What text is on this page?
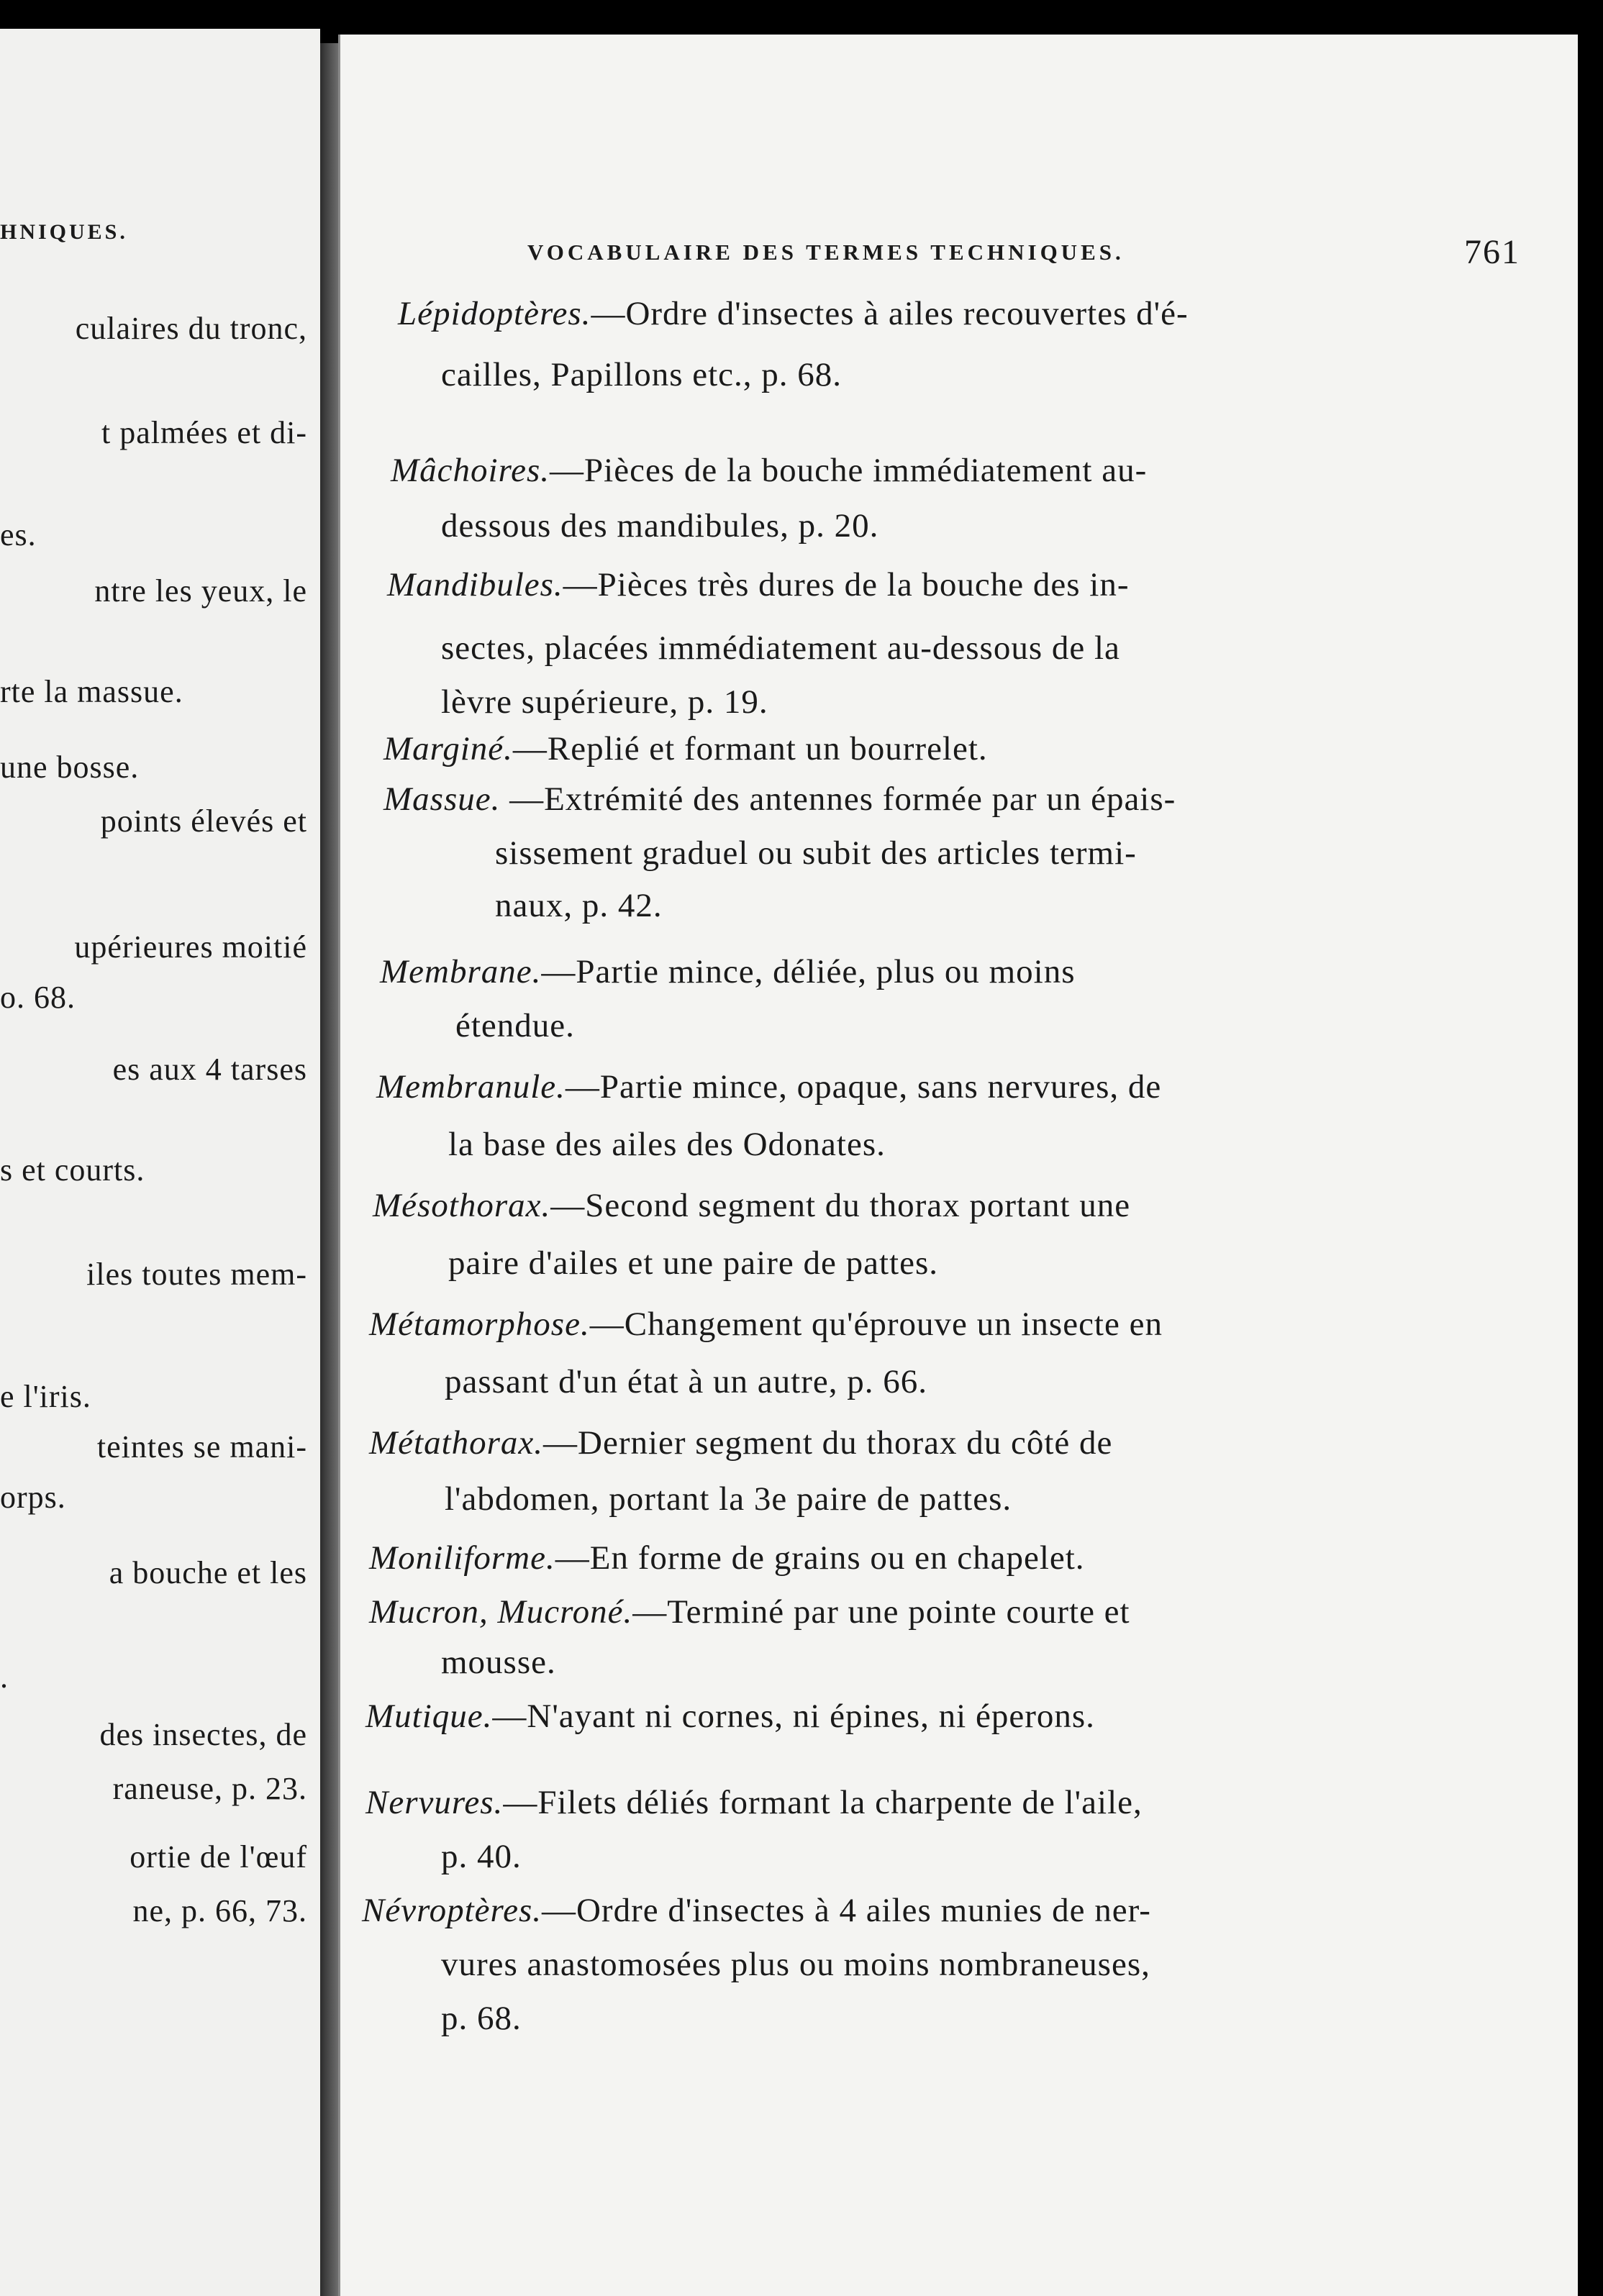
HNIQUES.
culaires du tronc,
t palmées et di-
es.
ntre les yeux, le
rte la massue.
une bosse.
points élevés et
upérieures moitié
o. 68.
es aux 4 tarses
s et courts.
iles toutes mem-
e l'iris.
teintes se mani-
orps.
a bouche et les
.
des insectes, de
raneuse, p. 23.
ortie de l'œuf
ne, p. 66, 73.
VOCABULAIRE DES TERMES TECHNIQUES.	761
Lépidoptères.—Ordre d'insectes à ailes recouvertes d'é-
cailles, Papillons etc., p. 68.
Mâchoires.—Pièces de la bouche immédiatement au-
dessous des mandibules, p. 20.
Mandibules.—Pièces très dures de la bouche des in-
sectes, placées immédiatement au-dessous de la
lèvre supérieure, p. 19.
Marginé.—Replié et formant un bourrelet.
Massue. —Extrémité des antennes formée par un épais-
sissement graduel ou subit des articles termi-
naux, p. 42.
Membrane.—Partie mince, déliée, plus ou moins
étendue.
Membranule.—Partie mince, opaque, sans nervures, de
la base des ailes des Odonates.
Mésothorax.—Second segment du thorax portant une
paire d'ailes et une paire de pattes.
Métamorphose.—Changement qu'éprouve un insecte en
passant d'un état à un autre, p. 66.
Métathorax.—Dernier segment du thorax du côté de
l'abdomen, portant la 3e paire de pattes.
Moniliforme.—En forme de grains ou en chapelet.
Mucron, Mucroné.—Terminé par une pointe courte et
mousse.
Mutique.—N'ayant ni cornes, ni épines, ni éperons.
Nervures.—Filets déliés formant la charpente de l'aile,
p. 40.
Névroptères.—Ordre d'insectes à 4 ailes munies de ner-
vures anastomosées plus ou moins nombraneuses,
p. 68.
